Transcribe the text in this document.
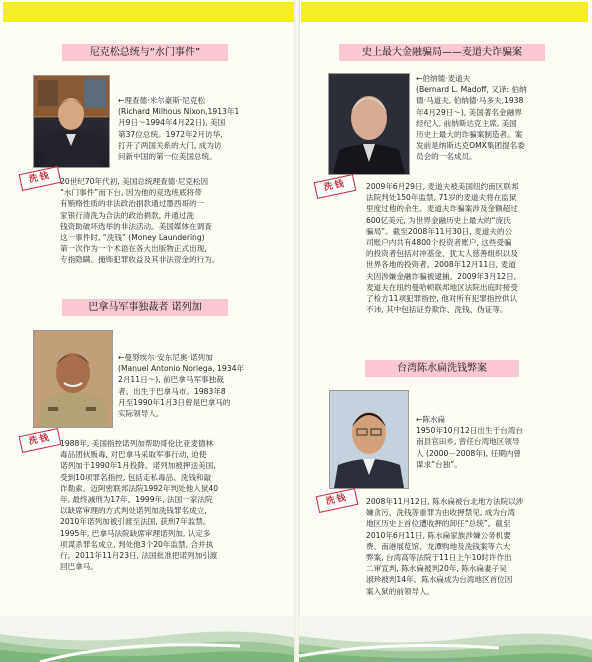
尼克松总统与“水门事件”
洗钱
←理查德·米尔豪斯·尼克松
(Richard Milhous Nixon,1913年1
月9日～1994年4月22日), 美国
第37位总统。1972年2月访华,
打开了两国关系的大门, 成为访
问新中国的第一位美国总统。
20世纪70年代初, 美国总统理查德·尼克松因
“水门事件”而下台, 因为他的竞选班底将带
有贿赂性质的非法政治捐款通过墨西哥的一
家银行清洗为合法的政治捐款, 并通过洗
钱资助破坏选举的非法活动。美国媒体在调查
这一事件时, “洗钱” (Money Laundering)
第一次作为一个术语在各大出版物正式出现,
专指隐瞒、掩饰犯罪收益及其非法资金的行为。
巴拿马军事独裁者 诺列加
洗钱
←曼努埃尔·安东尼奥·诺列加
(Manuel Antonio Noriega, 1934年
2月11日～), 前巴拿马军事独裁
者。出生于巴拿马市。1983年8
月至1990年1月3日曾是巴拿马的
实际领导人。
1988年, 美国指控诺列加帮助哥伦比亚麦德林
毒品团伙贩毒, 对巴拿马采取军事行动, 迫使
诺列加于1990年1月投降。诺列加被押送美国,
受到10项罪名指控, 包括走私毒品、洗钱和敲
诈勒索。迈阿密联邦法院1992年判处他入狱40
年, 最终减刑为17年。1999年, 法国一家法院
以缺席审理的方式判处诺列加洗钱罪名成立,
2010年诺列加被引渡至法国, 获刑7年监禁。
1995年, 巴拿马法院缺席审理诺列加, 认定多
项谋杀罪名成立, 判处他3个20年监禁, 合并执
行。2011年11月23日, 法国批准把诺列加引渡
回巴拿马。
史上最大金融骗局——麦道夫诈骗案
洗钱
←伯纳德·麦道夫
(Bernard L. Madoff, 又译: 伯纳
德·马道夫, 伯纳德·马多夫,1938
年4月29日～), 美国著名金融界
经纪人, 前纳斯达克主席, 美国
历史上最大的诈骗案制造者。案
发前是纳斯达克OMX集团提名委
员会的一名成员。
2009年6月29日, 麦道夫被美国纽约南区联邦
法院判处150年监禁, 71岁的麦道夫将在监狱
里度过他的余生。麦道夫诈骗案涉及金额超过
600亿美元, 为世界金融历史上最大的“庞氏
骗局”。截至2008年11月30日, 麦道夫的公
司账户内共有4800个投资者账户, 这些受骗
的投资者包括对冲基金、犹太人慈善组织以及
世界各地的投资者。2008年12月11日, 麦道
夫因涉嫌金融诈骗被逮捕。2009年3月12日,
麦道夫在纽约曼哈顿联邦地区法院出庭时接受
了检方11项犯罪指控, 他对所有犯罪指控供认
不讳, 其中包括证券欺诈、洗钱、伪证等。
台湾陈水扁洗钱弊案
洗钱
←陈水扁
1950年10月12日出生于台湾台
南县官田乡, 曾任台湾地区领导
人 (2000－2008年), 任期内曾
谋求“台独”。
2008年11月12日, 陈水扁被台北地方法院以涉
嫌贪污、洗钱等重罪为由收押禁见, 成为台湾
地区历史上首位遭收押的卸任“总统”。截至
2010年6月11日, 陈水扁家族涉嫌公务机要
费、南港展览馆、龙潭购地及洗钱案等六大
弊案, 台湾高等法院于11日上午10时许作出
二审宣判, 陈水扁被判20年, 陈水扁妻子吴
淑珍被判14年。陈水扁成为台湾地区首位因
案入狱的前领导人。
